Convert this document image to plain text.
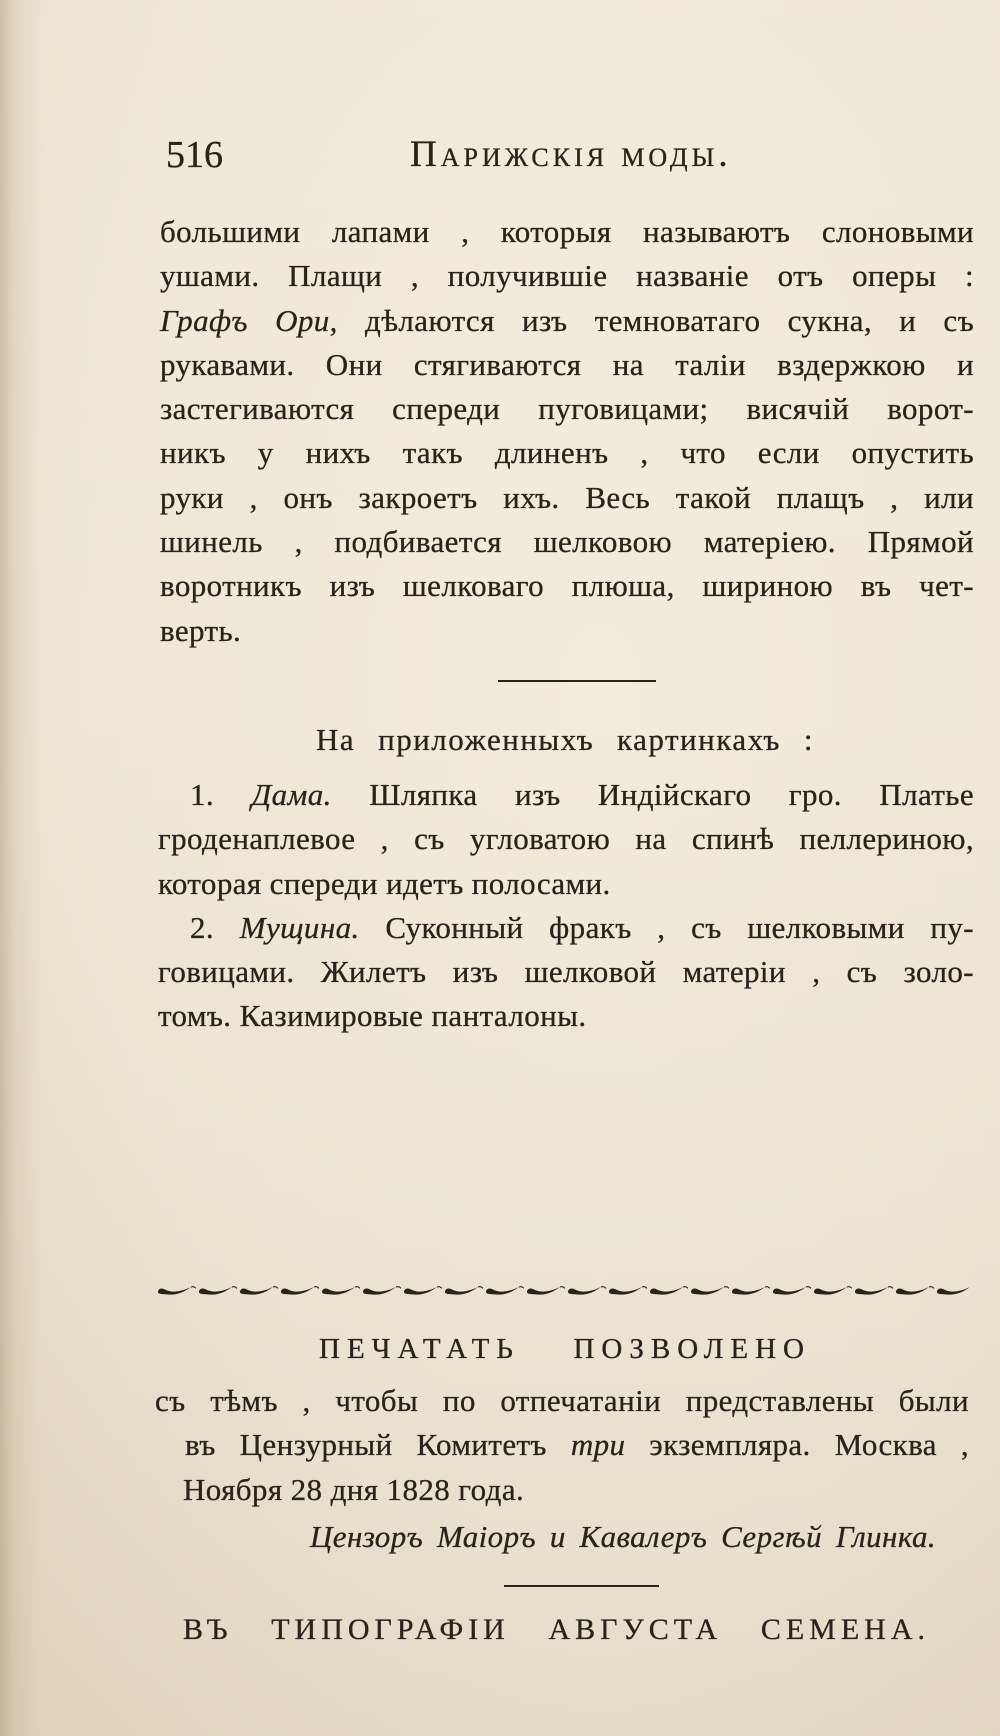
516	Парижскія моды.
большими лапами , которыя называютъ слоновыми
ушами. Плащи , получившіе названіе отъ оперы :
Графъ Ори, дѣлаются изъ темноватаго сукна, и съ
рукавами. Они стягиваются на таліи вздержкою и
застегиваются спереди пуговицами; висячій ворот-
никъ у нихъ такъ длиненъ , что если опустить
руки , онъ закроетъ ихъ. Весь такой плащъ , или
шинель , подбивается шелковою матеріею. Прямой
воротникъ изъ шелковаго плюша, шириною въ чет-
верть.
На приложенныхъ картинкахъ :
1. Дама. Шляпка изъ Индійскаго гро. Платье
гроденаплевое , съ угловатою на спинѣ пеллериною,
которая спереди идетъ полосами.
2. Мущина. Суконный фракъ , съ шелковыми пу-
говицами. Жилетъ изъ шелковой матеріи , съ золо-
томъ. Казимировые панталоны.
ПЕЧАТАТЬ ПОЗВОЛЕНО
съ тѣмъ , чтобы по отпечатаніи представлены были
въ Цензурный Комитетъ три экземпляра. Москва ,
Ноября 28 дня 1828 года.
Цензоръ Маіоръ и Кавалеръ Сергѣй Глинка.
ВЪ ТИПОГРАФІИ АВГУСТА СЕМЕНА.
